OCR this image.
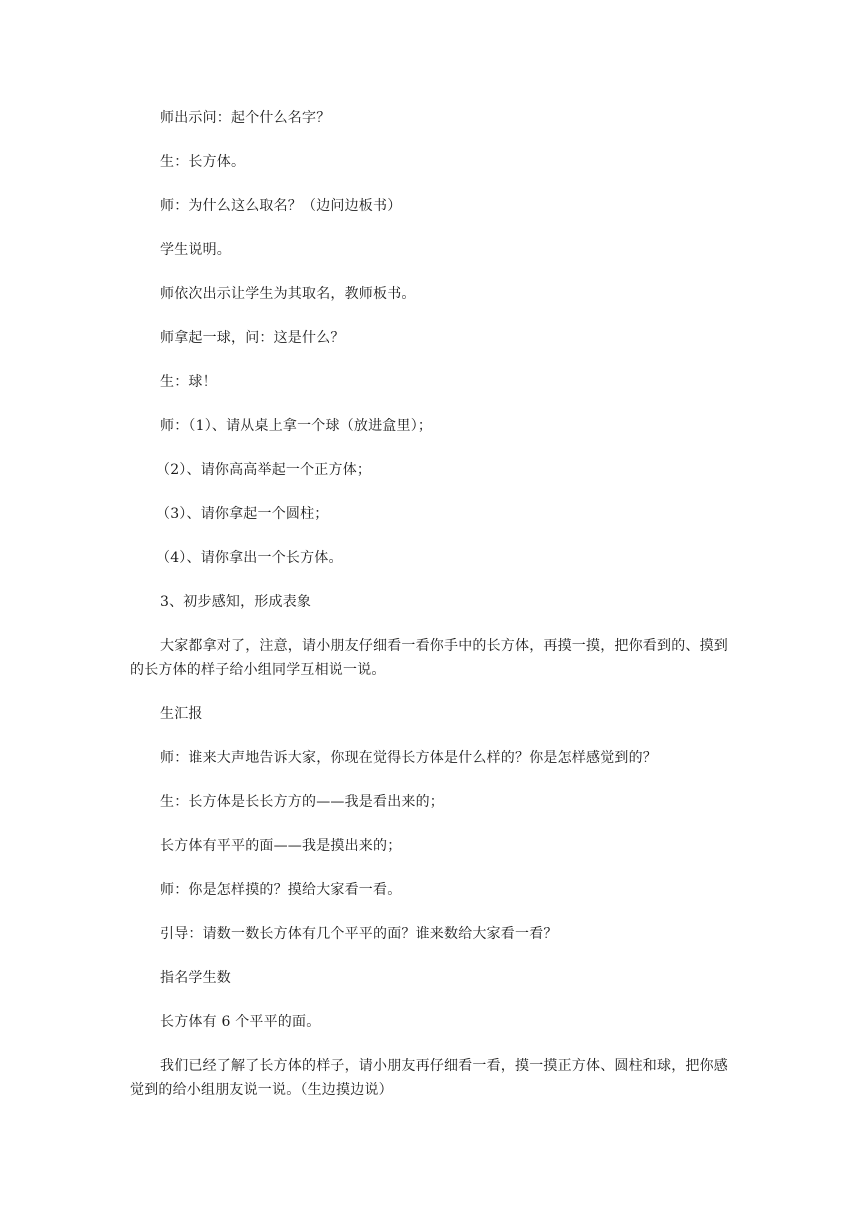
师出示问：起个什么名字？
生：长方体。
师：为什么这么取名？（边问边板书）
学生说明。
师依次出示让学生为其取名，教师板书。
师拿起一球，问：这是什么？
生：球！
师：（1）、请从桌上拿一个球（放进盒里）；
（2）、请你高高举起一个正方体；
（3）、请你拿起一个圆柱；
（4）、请你拿出一个长方体。
3、初步感知，形成表象
大家都拿对了，注意，请小朋友仔细看一看你手中的长方体，再摸一摸，把你看到的、摸到的长方体的样子给小组同学互相说一说。
生汇报
师：谁来大声地告诉大家，你现在觉得长方体是什么样的？你是怎样感觉到的？
生：长方体是长长方方的——我是看出来的；
长方体有平平的面——我是摸出来的；
师：你是怎样摸的？摸给大家看一看。
引导：请数一数长方体有几个平平的面？谁来数给大家看一看？
指名学生数
长方体有 6 个平平的面。
我们已经了解了长方体的样子，请小朋友再仔细看一看，摸一摸正方体、圆柱和球，把你感觉到的给小组朋友说一说。（生边摸边说）
